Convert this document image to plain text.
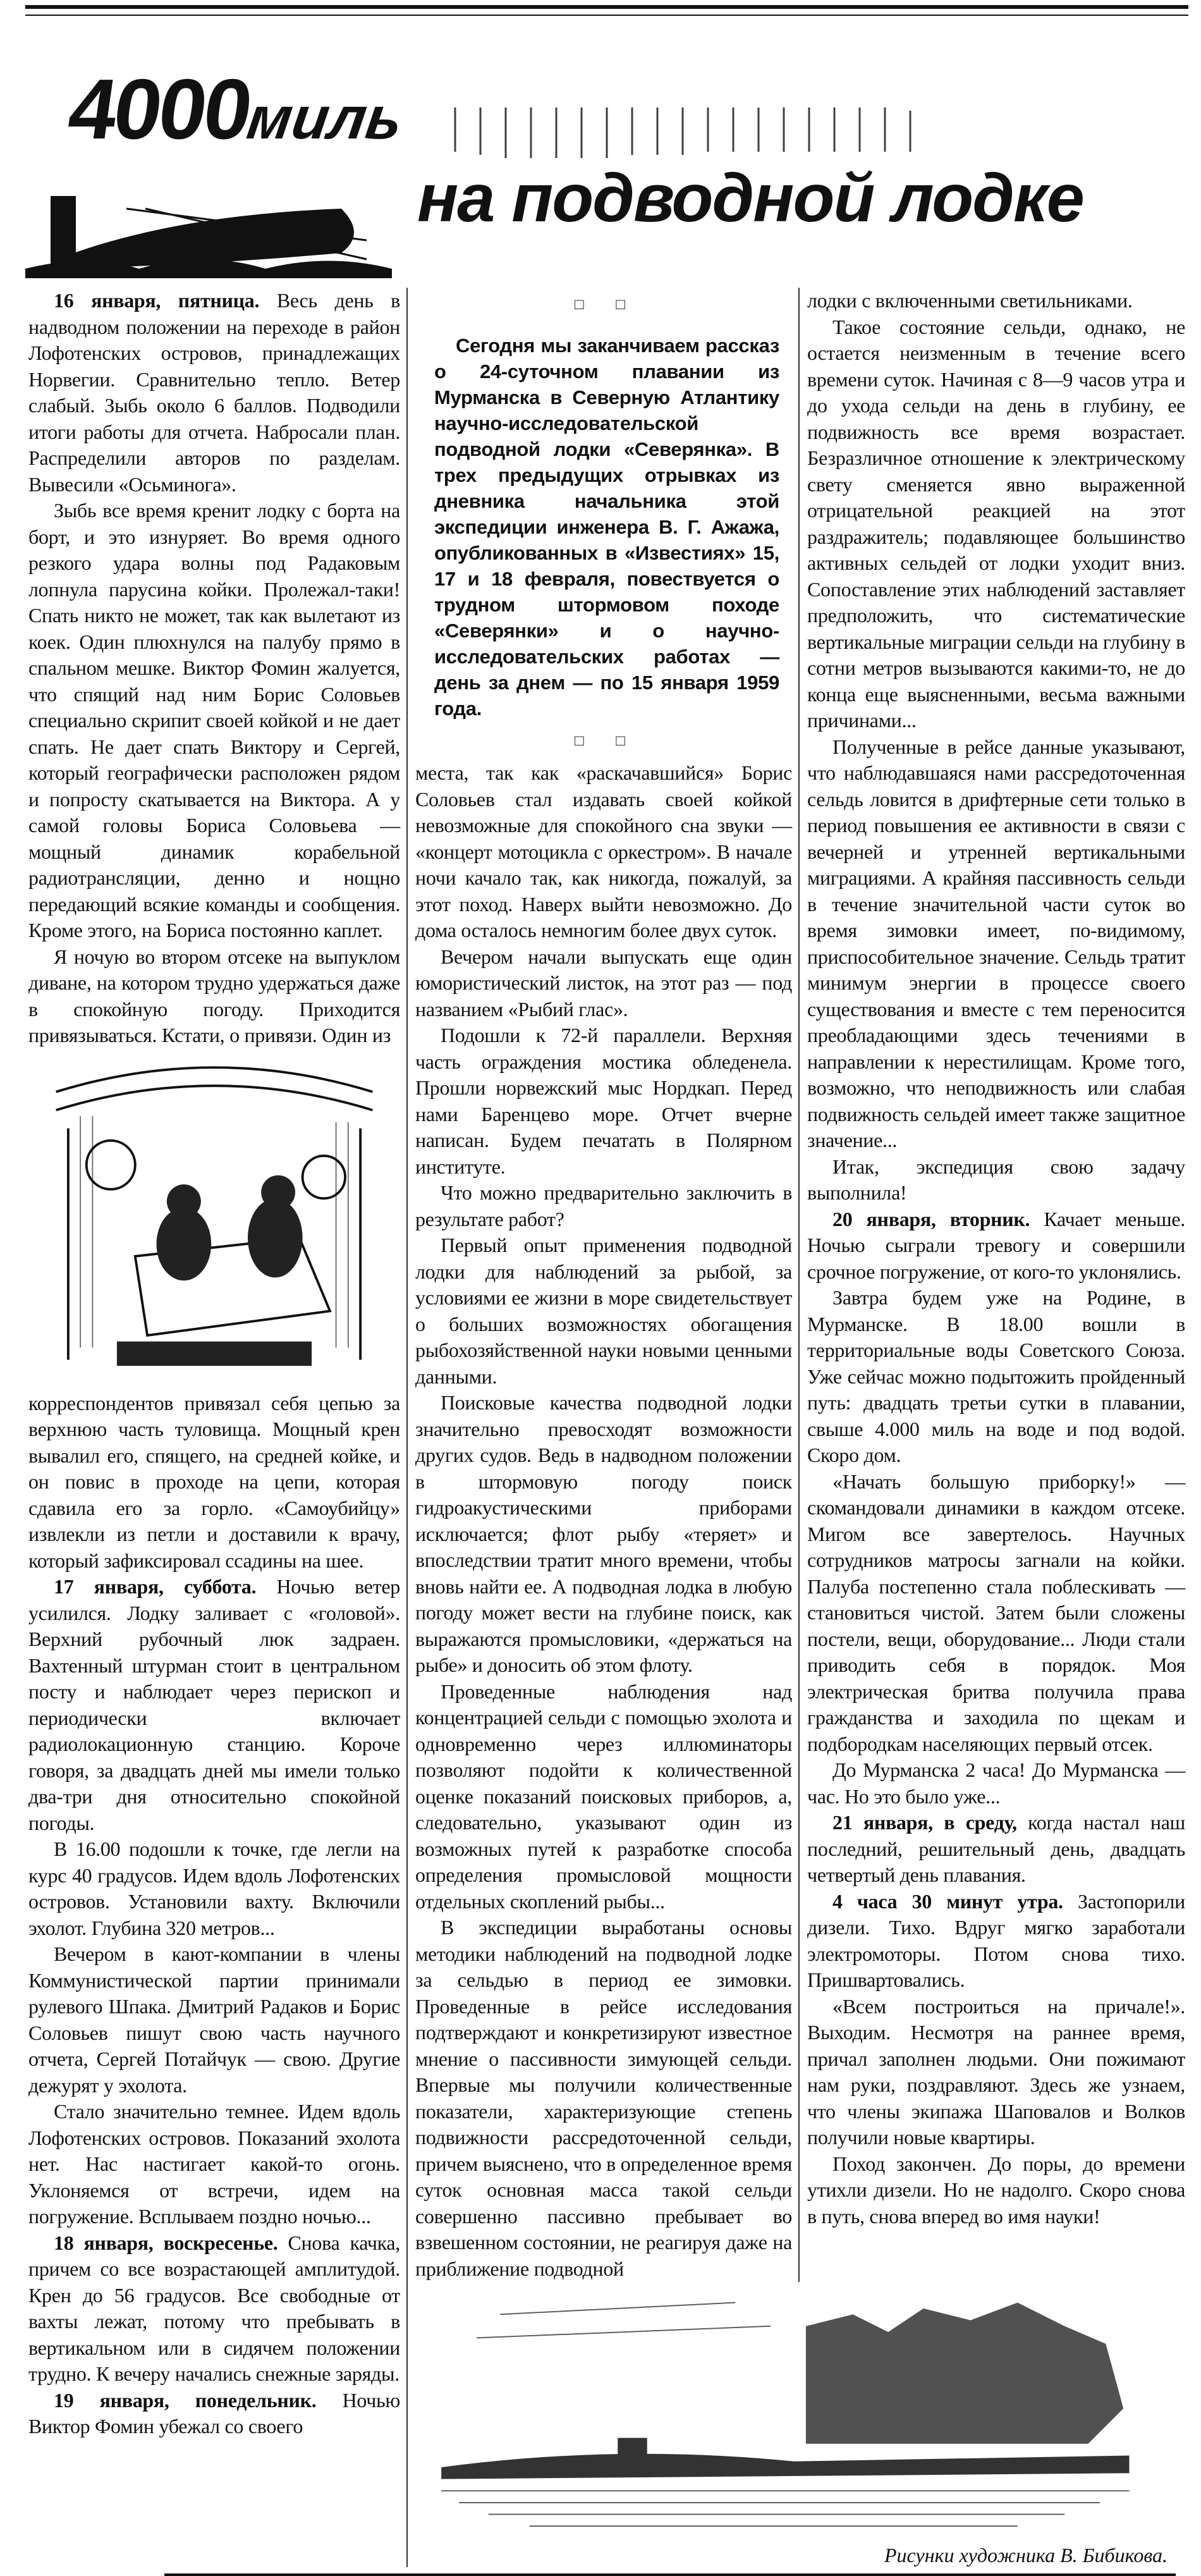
4000миль
на подводной лодке

16 января, пятница. Весь день в надводном положении на переходе в район Лофотенских островов, принадлежащих Норвегии. Сравнительно тепло. Ветер слабый. Зыбь около 6 баллов. Подводили итоги работы для отчета. Набросали план. Распределили авторов по разделам. Вывесили «Осьминога».

Зыбь все время кренит лодку с борта на борт, и это изнуряет. Во время одного резкого удара волны под Радаковым лопнула парусина койки. Пролежал-таки! Спать никто не может, так как вылетают из коек. Один плюхнулся на палубу прямо в спальном мешке. Виктор Фомин жалуется, что спящий над ним Борис Соловьев специально скрипит своей койкой и не дает спать. Не дает спать Виктору и Сергей, который географически расположен рядом и попросту скатывается на Виктора. А у самой головы Бориса Соловьева — мощный динамик корабельной радиотрансляции, денно и нощно передающий всякие команды и сообщения. Кроме этого, на Бориса постоянно каплет.

Я ночую во втором отсеке на выпуклом диване, на котором трудно удержаться даже в спокойную погоду. Приходится привязываться. Кстати, о привязи. Один из

корреспондентов привязал себя цепью за верхнюю часть туловища. Мощный крен вывалил его, спящего, на средней койке, и он повис в проходе на цепи, которая сдавила его за горло. «Самоубийцу» извлекли из петли и доставили к врачу, который зафиксировал ссадины на шее.

17 января, суббота. Ночью ветер усилился. Лодку заливает с «головой». Верхний рубочный люк задраен. Вахтенный штурман стоит в центральном посту и наблюдает через перископ и периодически включает радиолокационную станцию. Короче говоря, за двадцать дней мы имели только два-три дня относительно спокойной погоды.

В 16.00 подошли к точке, где легли на курс 40 градусов. Идем вдоль Лофотенских островов. Установили вахту. Включили эхолот. Глубина 320 метров...

Вечером в кают-компании в члены Коммунистической партии принимали рулевого Шпака. Дмитрий Радаков и Борис Соловьев пишут свою часть научного отчета, Сергей Потайчук — свою. Другие дежурят у эхолота.

Стало значительно темнее. Идем вдоль Лофотенских островов. Показаний эхолота нет. Нас настигает какой-то огонь. Уклоняемся от встречи, идем на погружение. Всплываем поздно ночью...

18 января, воскресенье. Снова качка, причем со все возрастающей амплитудой. Крен до 56 градусов. Все свободные от вахты лежат, потому что пребывать в вертикальном или в сидячем положении трудно. К вечеру начались снежные заряды.

19 января, понедельник. Ночью Виктор Фомин убежал со своего

□ □

Сегодня мы заканчиваем рассказ о 24-суточном плавании из Мурманска в Северную Атлантику научно-исследовательской подводной лодки «Северянка». В трех предыдущих отрывках из дневника начальника этой экспедиции инженера В. Г. Ажажа, опубликованных в «Известиях» 15, 17 и 18 февраля, повествуется о трудном штормовом походе «Северянки» и о научно-исследовательских работах — день за днем — по 15 января 1959 года.

□ □

места, так как «раскачавшийся» Борис Соловьев стал издавать своей койкой невозможные для спокойного сна звуки — «концерт мотоцикла с оркестром». В начале ночи качало так, как никогда, пожалуй, за этот поход. Наверх выйти невозможно. До дома осталось немногим более двух суток.

Вечером начали выпускать еще один юмористический листок, на этот раз — под названием «Рыбий глас».

Подошли к 72-й параллели. Верхняя часть ограждения мостика обледенела. Прошли норвежский мыс Нордкап. Перед нами Баренцево море. Отчет вчерне написан. Будем печатать в Полярном институте.

Что можно предварительно заключить в результате работ?

Первый опыт применения подводной лодки для наблюдений за рыбой, за условиями ее жизни в море свидетельствует о больших возможностях обогащения рыбохозяйственной науки новыми ценными данными.

Поисковые качества подводной лодки значительно превосходят возможности других судов. Ведь в надводном положении в штормовую погоду поиск гидроакустическими приборами исключается; флот рыбу «теряет» и впоследствии тратит много времени, чтобы вновь найти ее. А подводная лодка в любую погоду может вести на глубине поиск, как выражаются промысловики, «держаться на рыбе» и доносить об этом флоту.

Проведенные наблюдения над концентрацией сельди с помощью эхолота и одновременно через иллюминаторы позволяют подойти к количественной оценке показаний поисковых приборов, а, следовательно, указывают один из возможных путей к разработке способа определения промысловой мощности отдельных скоплений рыбы...

В экспедиции выработаны основы методики наблюдений на подводной лодке за сельдью в период ее зимовки. Проведенные в рейсе исследования подтверждают и конкретизируют известное мнение о пассивности зимующей сельди. Впервые мы получили количественные показатели, характеризующие степень подвижности рассредоточенной сельди, причем выяснено, что в определенное время суток основная масса такой сельди совершенно пассивно пребывает во взвешенном состоянии, не реагируя даже на приближение подводной

лодки с включенными светильниками.

Такое состояние сельди, однако, не остается неизменным в течение всего времени суток. Начиная с 8—9 часов утра и до ухода сельди на день в глубину, ее подвижность все время возрастает. Безразличное отношение к электрическому свету сменяется явно выраженной отрицательной реакцией на этот раздражитель; подавляющее большинство активных сельдей от лодки уходит вниз. Сопоставление этих наблюдений заставляет предположить, что систематические вертикальные миграции сельди на глубину в сотни метров вызываются какими-то, не до конца еще выясненными, весьма важными причинами...

Полученные в рейсе данные указывают, что наблюдавшаяся нами рассредоточенная сельдь ловится в дрифтерные сети только в период повышения ее активности в связи с вечерней и утренней вертикальными миграциями. А крайняя пассивность сельди в течение значительной части суток во время зимовки имеет, по-видимому, приспособительное значение. Сельдь тратит минимум энергии в процессе своего существования и вместе с тем переносится преобладающими здесь течениями в направлении к нерестилищам. Кроме того, возможно, что неподвижность или слабая подвижность сельдей имеет также защитное значение...

Итак, экспедиция свою задачу выполнила!

20 января, вторник. Качает меньше. Ночью сыграли тревогу и совершили срочное погружение, от кого-то уклонялись.

Завтра будем уже на Родине, в Мурманске. В 18.00 вошли в территориальные воды Советского Союза. Уже сейчас можно подытожить пройденный путь: двадцать третьи сутки в плавании, свыше 4.000 миль на воде и под водой. Скоро дом.

«Начать большую приборку!» — скомандовали динамики в каждом отсеке. Мигом все завертелось. Научных сотрудников матросы загнали на койки. Палуба постепенно стала поблескивать — становиться чистой. Затем были сложены постели, вещи, оборудование... Люди стали приводить себя в порядок. Моя электрическая бритва получила права гражданства и заходила по щекам и подбородкам населяющих первый отсек.

До Мурманска 2 часа! До Мурманска — час. Но это было уже...

21 января, в среду, когда настал наш последний, решительный день, двадцать четвертый день плавания.

4 часа 30 минут утра. Застопорили дизели. Тихо. Вдруг мягко заработали электромоторы. Потом снова тихо. Пришвартовались.

«Всем построиться на причале!». Выходим. Несмотря на раннее время, причал заполнен людьми. Они пожимают нам руки, поздравляют. Здесь же узнаем, что члены экипажа Шаповалов и Волков получили новые квартиры.

Поход закончен. До поры, до времени утихли дизели. Но не надолго. Скоро снова в путь, снова вперед во имя науки!

Рисунки художника В. Бибикова.
